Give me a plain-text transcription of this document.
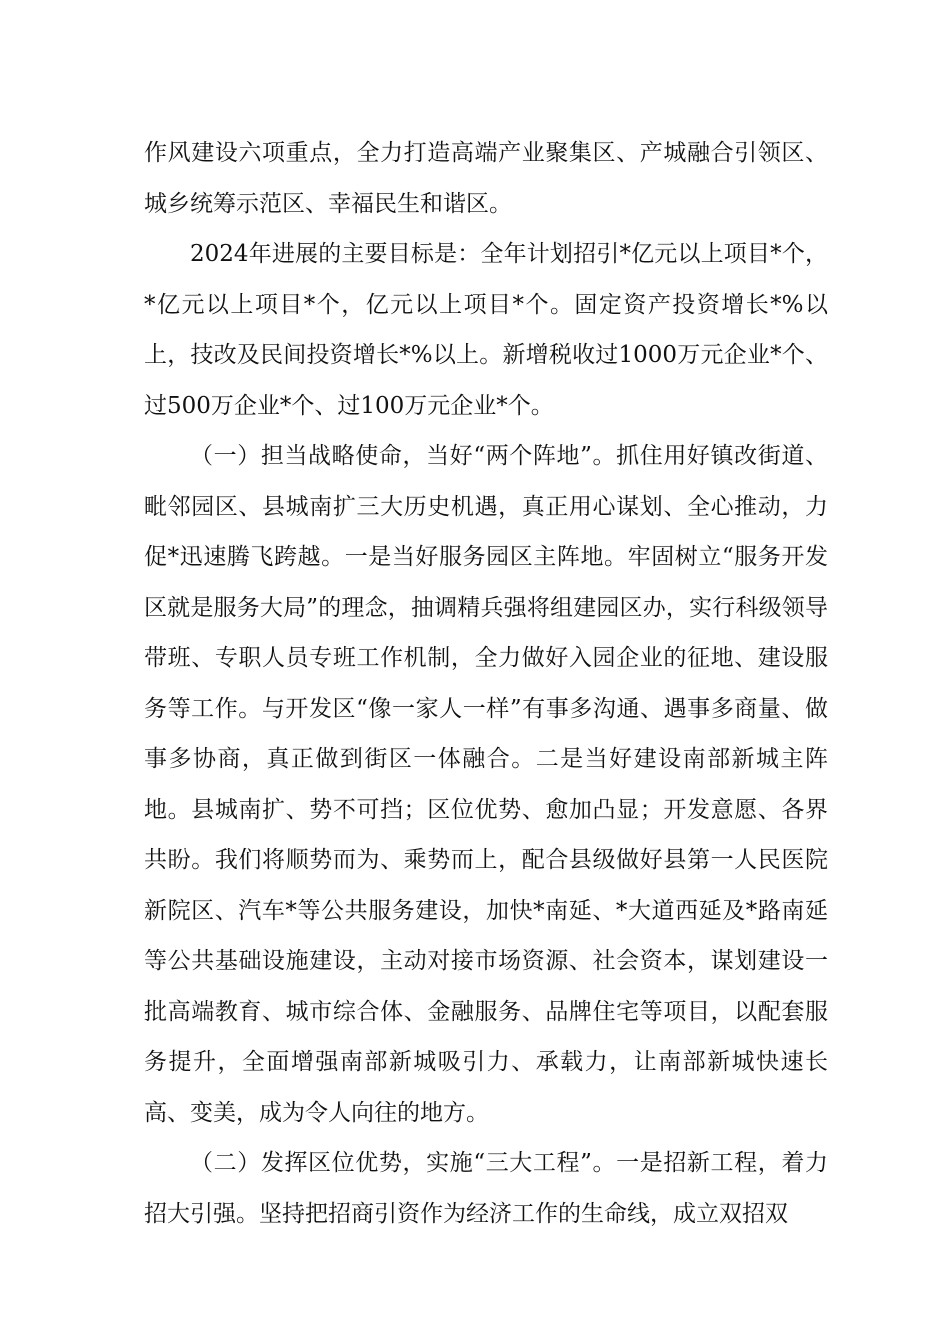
作风建设六项重点，全力打造高端产业聚集区、产城融合引领区、城乡统筹示范区、幸福民生和谐区。

2024年进展的主要目标是：全年计划招引*亿元以上项目*个，*亿元以上项目*个，亿元以上项目*个。固定资产投资增长*%以上，技改及民间投资增长*%以上。新增税收过1000万元企业*个、过500万企业*个、过100万元企业*个。

（一）担当战略使命，当好“两个阵地”。抓住用好镇改街道、毗邻园区、县城南扩三大历史机遇，真正用心谋划、全心推动，力促*迅速腾飞跨越。一是当好服务园区主阵地。牢固树立“服务开发区就是服务大局”的理念，抽调精兵强将组建园区办，实行科级领导带班、专职人员专班工作机制，全力做好入园企业的征地、建设服务等工作。与开发区“像一家人一样”有事多沟通、遇事多商量、做事多协商，真正做到街区一体融合。二是当好建设南部新城主阵地。县城南扩、势不可挡；区位优势、愈加凸显；开发意愿、各界共盼。我们将顺势而为、乘势而上，配合县级做好县第一人民医院新院区、汽车*等公共服务建设，加快*南延、*大道西延及*路南延等公共基础设施建设，主动对接市场资源、社会资本，谋划建设一批高端教育、城市综合体、金融服务、品牌住宅等项目，以配套服务提升，全面增强南部新城吸引力、承载力，让南部新城快速长高、变美，成为令人向往的地方。

（二）发挥区位优势，实施“三大工程”。一是招新工程，着力招大引强。坚持把招商引资作为经济工作的生命线，成立双招双
